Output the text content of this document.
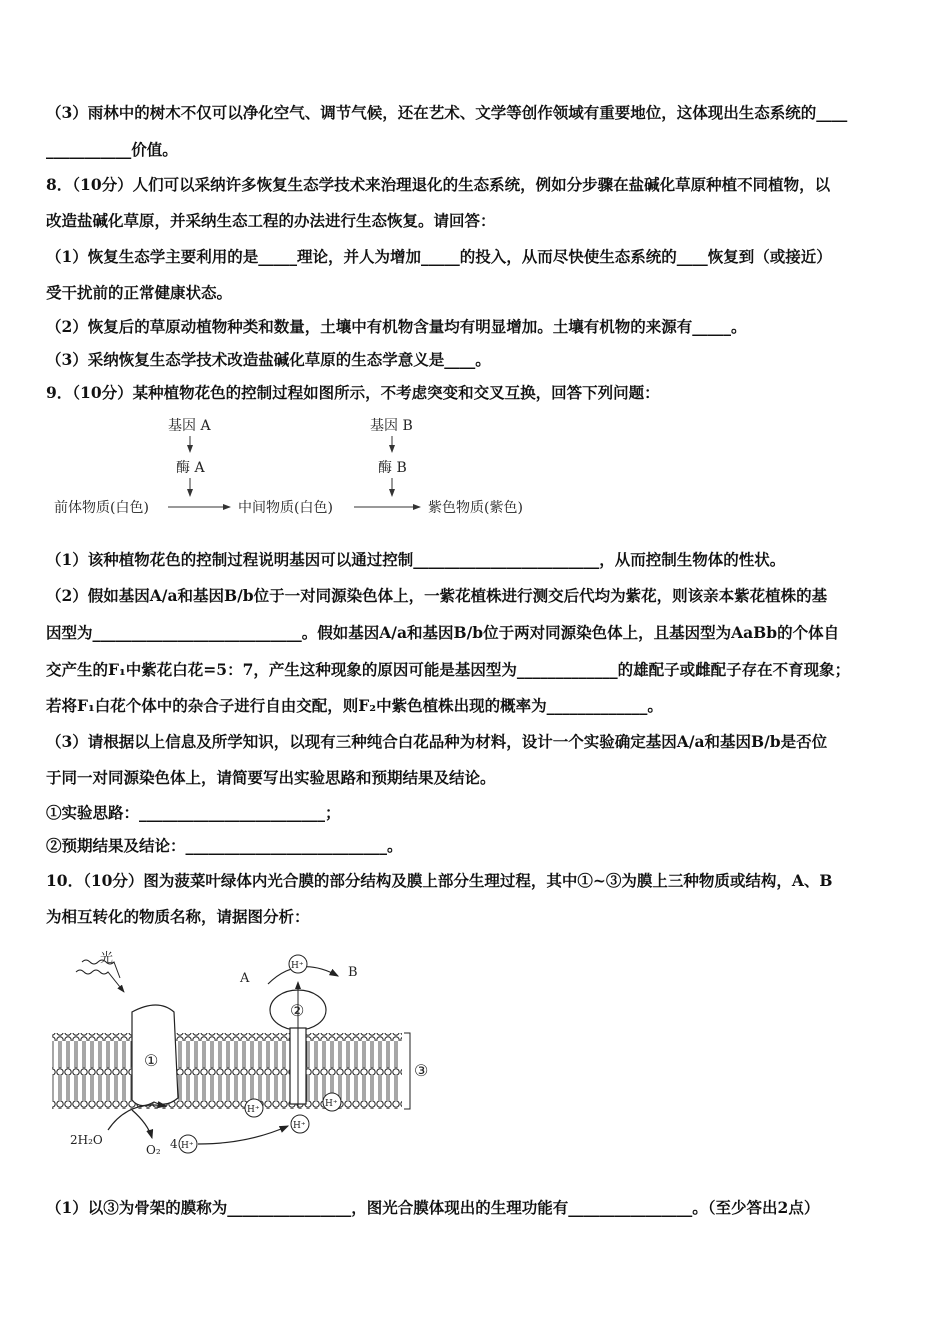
（3）雨林中的树木不仅可以净化空气、调节气候，还在艺术、文学等创作领域有重要地位，这体现出生态系统的____
___________价值。
8．（10分）人们可以采纳许多恢复生态学技术来治理退化的生态系统，例如分步骤在盐碱化草原种植不同植物，以
改造盐碱化草原，并采纳生态工程的办法进行生态恢复。请回答：
（1）恢复生态学主要利用的是_____理论，并人为增加_____的投入，从而尽快使生态系统的____恢复到（或接近）
受干扰前的正常健康状态。
（2）恢复后的草原动植物种类和数量，土壤中有机物含量均有明显增加。土壤有机物的来源有_____。
（3）采纳恢复生态学技术改造盐碱化草原的生态学意义是____。
9．（10分）某种植物花色的控制过程如图所示，不考虑突变和交叉互换，回答下列问题：
基因 A
酶 A
基因 B
酶 B
前体物质(白色)	中间物质(白色)	紫色物质(紫色)
（1）该种植物花色的控制过程说明基因可以通过控制________________________，从而控制生物体的性状。
（2）假如基因A/a和基因B/b位于一对同源染色体上，一紫花植株进行测交后代均为紫花，则该亲本紫花植株的基
因型为___________________________。假如基因A/a和基因B/b位于两对同源染色体上，且基因型为AaBb的个体自
交产生的F₁中紫花白花=5：7，产生这种现象的原因可能是基因型为_____________的雄配子或雌配子存在不育现象；
若将F₁白花个体中的杂合子进行自由交配，则F₂中紫色植株出现的概率为_____________。
（3）请根据以上信息及所学知识，以现有三种纯合白花品种为材料，设计一个实验确定基因A/a和基因B/b是否位
于同一对同源染色体上，请简要写出实验思路和预期结果及结论。
①实验思路：________________________；
②预期结果及结论：__________________________。
10．（10分）图为菠菜叶绿体内光合膜的部分结构及膜上部分生理过程，其中①~③为膜上三种物质或结构，A、B
为相互转化的物质名称，请据图分析：
③
①
光
②
A	B
H⁺
H⁺
H⁺
H⁺
2H₂O
O₂ 4 H⁺
（1）以③为骨架的膜称为________________，图光合膜体现出的生理功能有________________。（至少答出2点）
